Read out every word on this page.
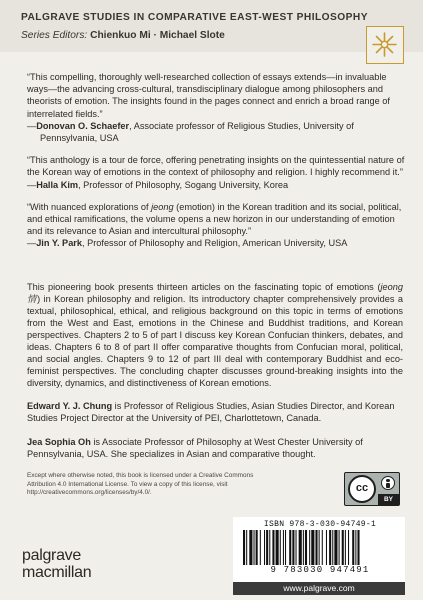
PALGRAVE STUDIES IN COMPARATIVE EAST-WEST PHILOSOPHY
Series Editors: Chienkuo Mi · Michael Slote
“This compelling, thoroughly well-researched collection of essays extends—in invaluable ways—the advancing cross-cultural, transdisciplinary dialogue among philosophers and theorists of emotion. The insights found in the pages connect and enrich a broad range of interrelated fields.”
—Donovan O. Schaefer, Associate professor of Religious Studies, University of
Pennsylvania, USA
“This anthology is a tour de force, offering penetrating insights on the quintessential nature of the Korean way of emotions in the context of philosophy and religion. I highly recommend it.”
—Halla Kim, Professor of Philosophy, Sogang University, Korea
“With nuanced explorations of jeong (emotion) in the Korean tradition and its social, political, and ethical ramifications, the volume opens a new horizon in our understanding of emotion and its relevance to Asian and intercultural philosophy.”
—Jin Y. Park, Professor of Philosophy and Religion, American University, USA
This pioneering book presents thirteen articles on the fascinating topic of emotions (jeong 情) in Korean philosophy and religion. Its introductory chapter comprehensively provides a textual, philosophical, ethical, and religious background on this topic in terms of emotions from the West and East, emotions in the Chinese and Buddhist traditions, and Korean perspectives. Chapters 2 to 5 of part I discuss key Korean Confucian thinkers, debates, and ideas. Chapters 6 to 8 of part II offer comparative thoughts from Confucian moral, political, and social angles. Chapters 9 to 12 of part III deal with contemporary Buddhist and eco-feminist perspectives. The concluding chapter discusses ground-breaking insights into the diversity, dynamics, and distinctiveness of Korean emotions.
Edward Y. J. Chung is Professor of Religious Studies, Asian Studies Director, and Korean Studies Project Director at the University of PEI, Charlottetown, Canada.
Jea Sophia Oh is Associate Professor of Philosophy at West Chester University of Pennsylvania, USA. She specializes in Asian and comparative thought.
Except where otherwise noted, this book is licensed under a Creative Commons Attribution 4.0 International License. To view a copy of this license, visit http://creativecommons.org/licenses/by/4.0/.	cc
BY
ISBN 978-3-030-94749-1
9 783030 947491
www.palgrave.com
palgrave
macmillan
